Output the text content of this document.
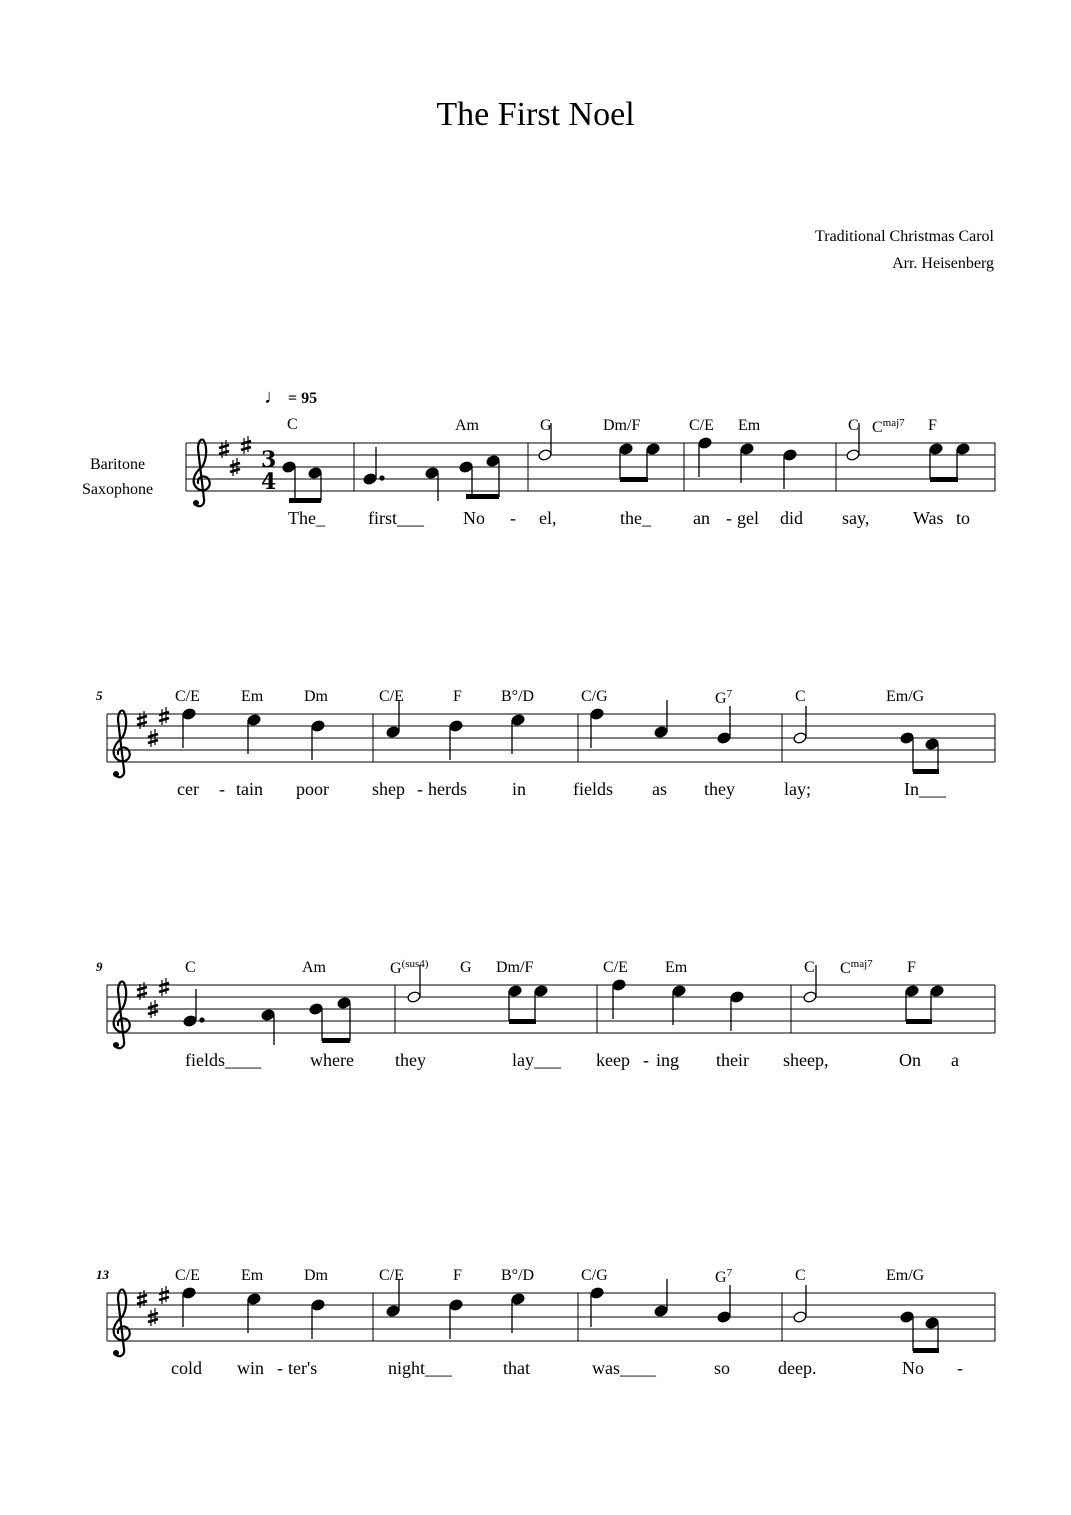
The First Noel
Traditional Christmas Carol
Arr. Heisenberg
♩ = 95
Baritone
Saxophone
5
9
13
C	Am	G	Dm/F	C/E Em	C $C^{maj7}$ F
C/E	Em	Dm	C/E	F B°/D	C/G	$G^7$	C	Em/G
C	Am	$G^{(sus4)}$ G Dm/F	C/E Em	C $C^{maj7}$ F
C/E	Em	Dm	C/E	F B°/D	C/G	$G^7$	C	Em/G
3
4
The_ first___ No - el,	the_ an - gel did say, Was to
cer - tain poor shep - herds	in	fields as they	lay;	In___
fields____	where they	lay___ keep - ing their sheep,	On a
cold win - ter's	night___	that	was____	so	deep.	No -
